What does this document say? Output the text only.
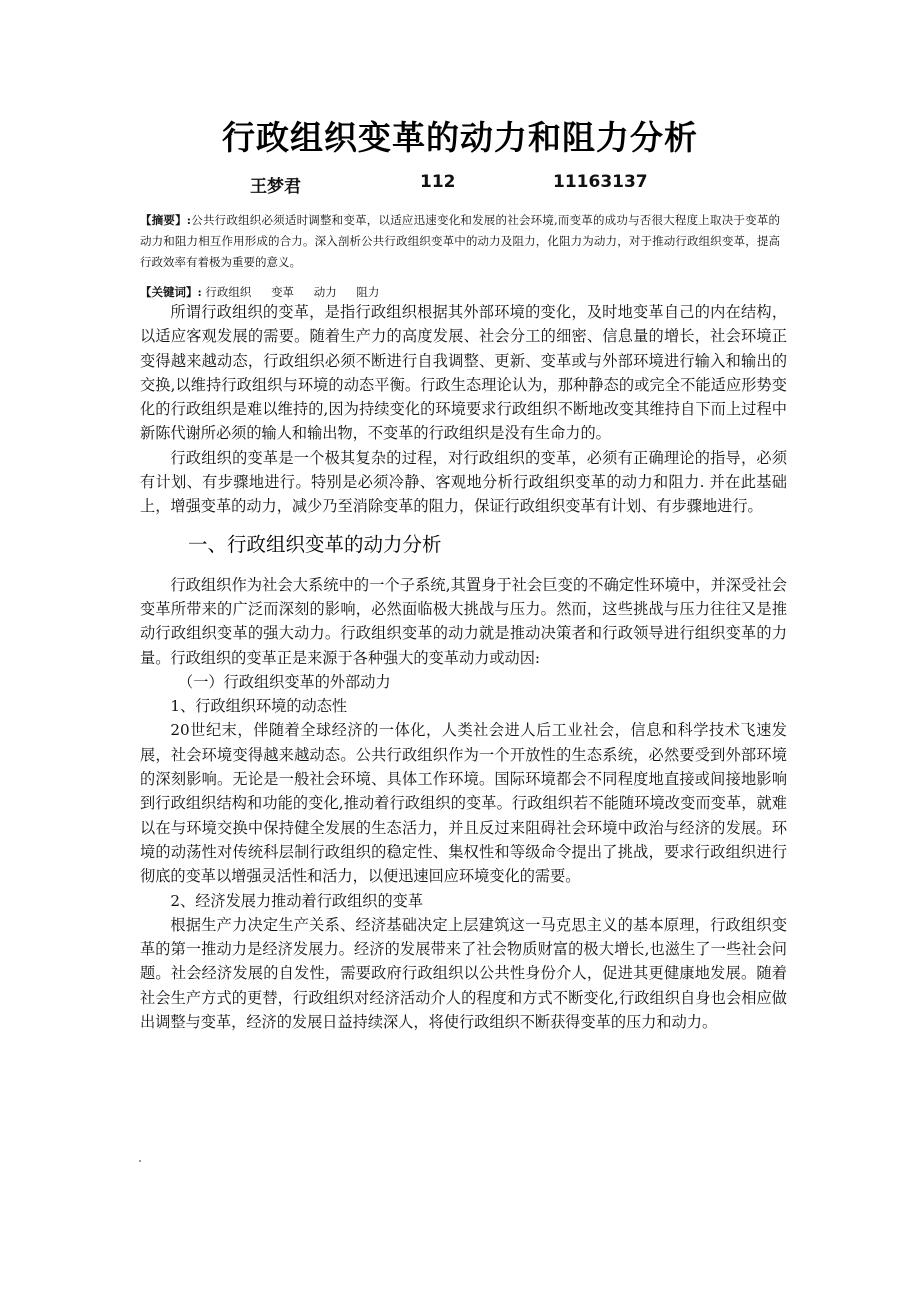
行政组织变革的动力和阻力分析
王梦君	112	11163137
【摘要】:公共行政组织必须适时调整和变革，以适应迅速变化和发展的社会环境,而变革的成功与否很大程度上取决于变革的动力和阻力相互作用形成的合力。深入剖析公共行政组织变革中的动力及阻力，化阻力为动力，对于推动行政组织变革，提高行政效率有着极为重要的意义。
【关键词】: 行政组织 变革 动力 阻力

所谓行政组织的变革，是指行政组织根据其外部环境的变化，及时地变革自己的内在结构，以适应客观发展的需要。随着生产力的高度发展、社会分工的细密、信息量的增长，社会环境正变得越来越动态，行政组织必须不断进行自我调整、更新、变革或与外部环境进行输入和输出的交换,以维持行政组织与环境的动态平衡。行政生态理论认为，那种静态的或完全不能适应形势变化的行政组织是难以维持的,因为持续变化的环境要求行政组织不断地改变其维持自下而上过程中新陈代谢所必须的输人和输出物，不变革的行政组织是没有生命力的。

行政组织的变革是一个极其复杂的过程，对行政组织的变革，必须有正确理论的指导，必须有计划、有步骤地进行。特别是必须冷静、客观地分析行政组织变革的动力和阻力. 并在此基础上，增强变革的动力，减少乃至消除变革的阻力，保证行政组织变革有计划、有步骤地进行。

一、行政组织变革的动力分析

行政组织作为社会大系统中的一个子系统,其置身于社会巨变的不确定性环境中，并深受社会变革所带来的广泛而深刻的影响，必然面临极大挑战与压力。然而，这些挑战与压力往往又是推动行政组织变革的强大动力。行政组织变革的动力就是推动决策者和行政领导进行组织变革的力量。行政组织的变革正是来源于各种强大的变革动力或动因:

（一）行政组织变革的外部动力

1、行政组织环境的动态性

20世纪末，伴随着全球经济的一体化，人类社会进人后工业社会，信息和科学技术飞速发展，社会环境变得越来越动态。公共行政组织作为一个开放性的生态系统，必然要受到外部环境的深刻影响。无论是一般社会环境、具体工作环境。国际环境都会不同程度地直接或间接地影响到行政组织结构和功能的变化,推动着行政组织的变革。行政组织若不能随环境改变而变革，就难以在与环境交换中保持健全发展的生态活力，并且反过来阻碍社会环境中政治与经济的发展。环境的动荡性对传统科层制行政组织的稳定性、集权性和等级命令提出了挑战，要求行政组织进行彻底的变革以增强灵活性和活力，以便迅速回应环境变化的需要。

2、经济发展力推动着行政组织的变革

根据生产力决定生产关系、经济基础决定上层建筑这一马克思主义的基本原理，行政组织变革的第一推动力是经济发展力。经济的发展带来了社会物质财富的极大增长,也滋生了一些社会问题。社会经济发展的自发性，需要政府行政组织以公共性身份介人，促进其更健康地发展。随着社会生产方式的更替，行政组织对经济活动介人的程度和方式不断变化,行政组织自身也会相应做出调整与变革，经济的发展日益持续深人，将使行政组织不断获得变革的压力和动力。
